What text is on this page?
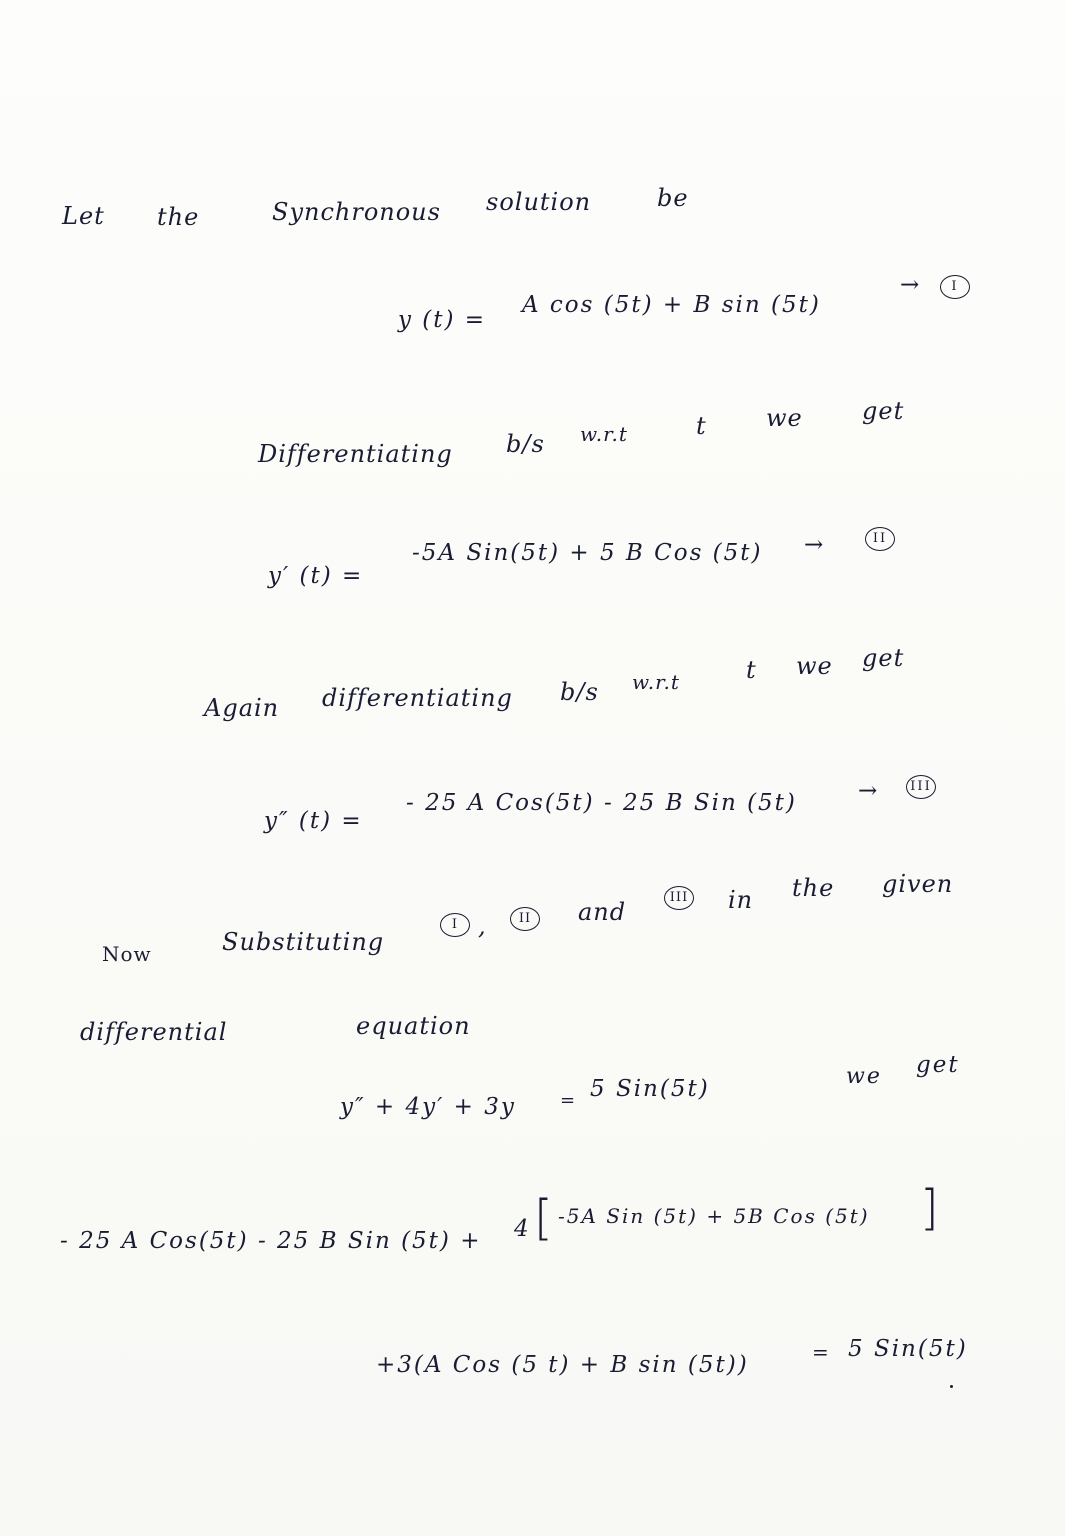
Let the	Synchronous solution	be
y (t) =
A cos (5t) + B sin (5t)
→	I
Differentiating b/s w.r.t	t we get
y′ (t) =
-5A Sin(5t) + 5 B Cos (5t) →	II
Again differentiating b/s w.r.t	t we get
y″ (t) =
- 25 A Cos(5t) - 25 B Sin (5t)	→	III
Now	Substituting
I ,	II	and
III in the given
differential	equation
y″ + 4y′ + 3y = 5 Sin(5t)	we get
- 25 A Cos(5t) - 25 B Sin (5t) + 4 [ -5A Sin (5t) + 5B Cos (5t) ]
+3(A Cos (5 t) + B sin (5t))	= 5 Sin(5t)
